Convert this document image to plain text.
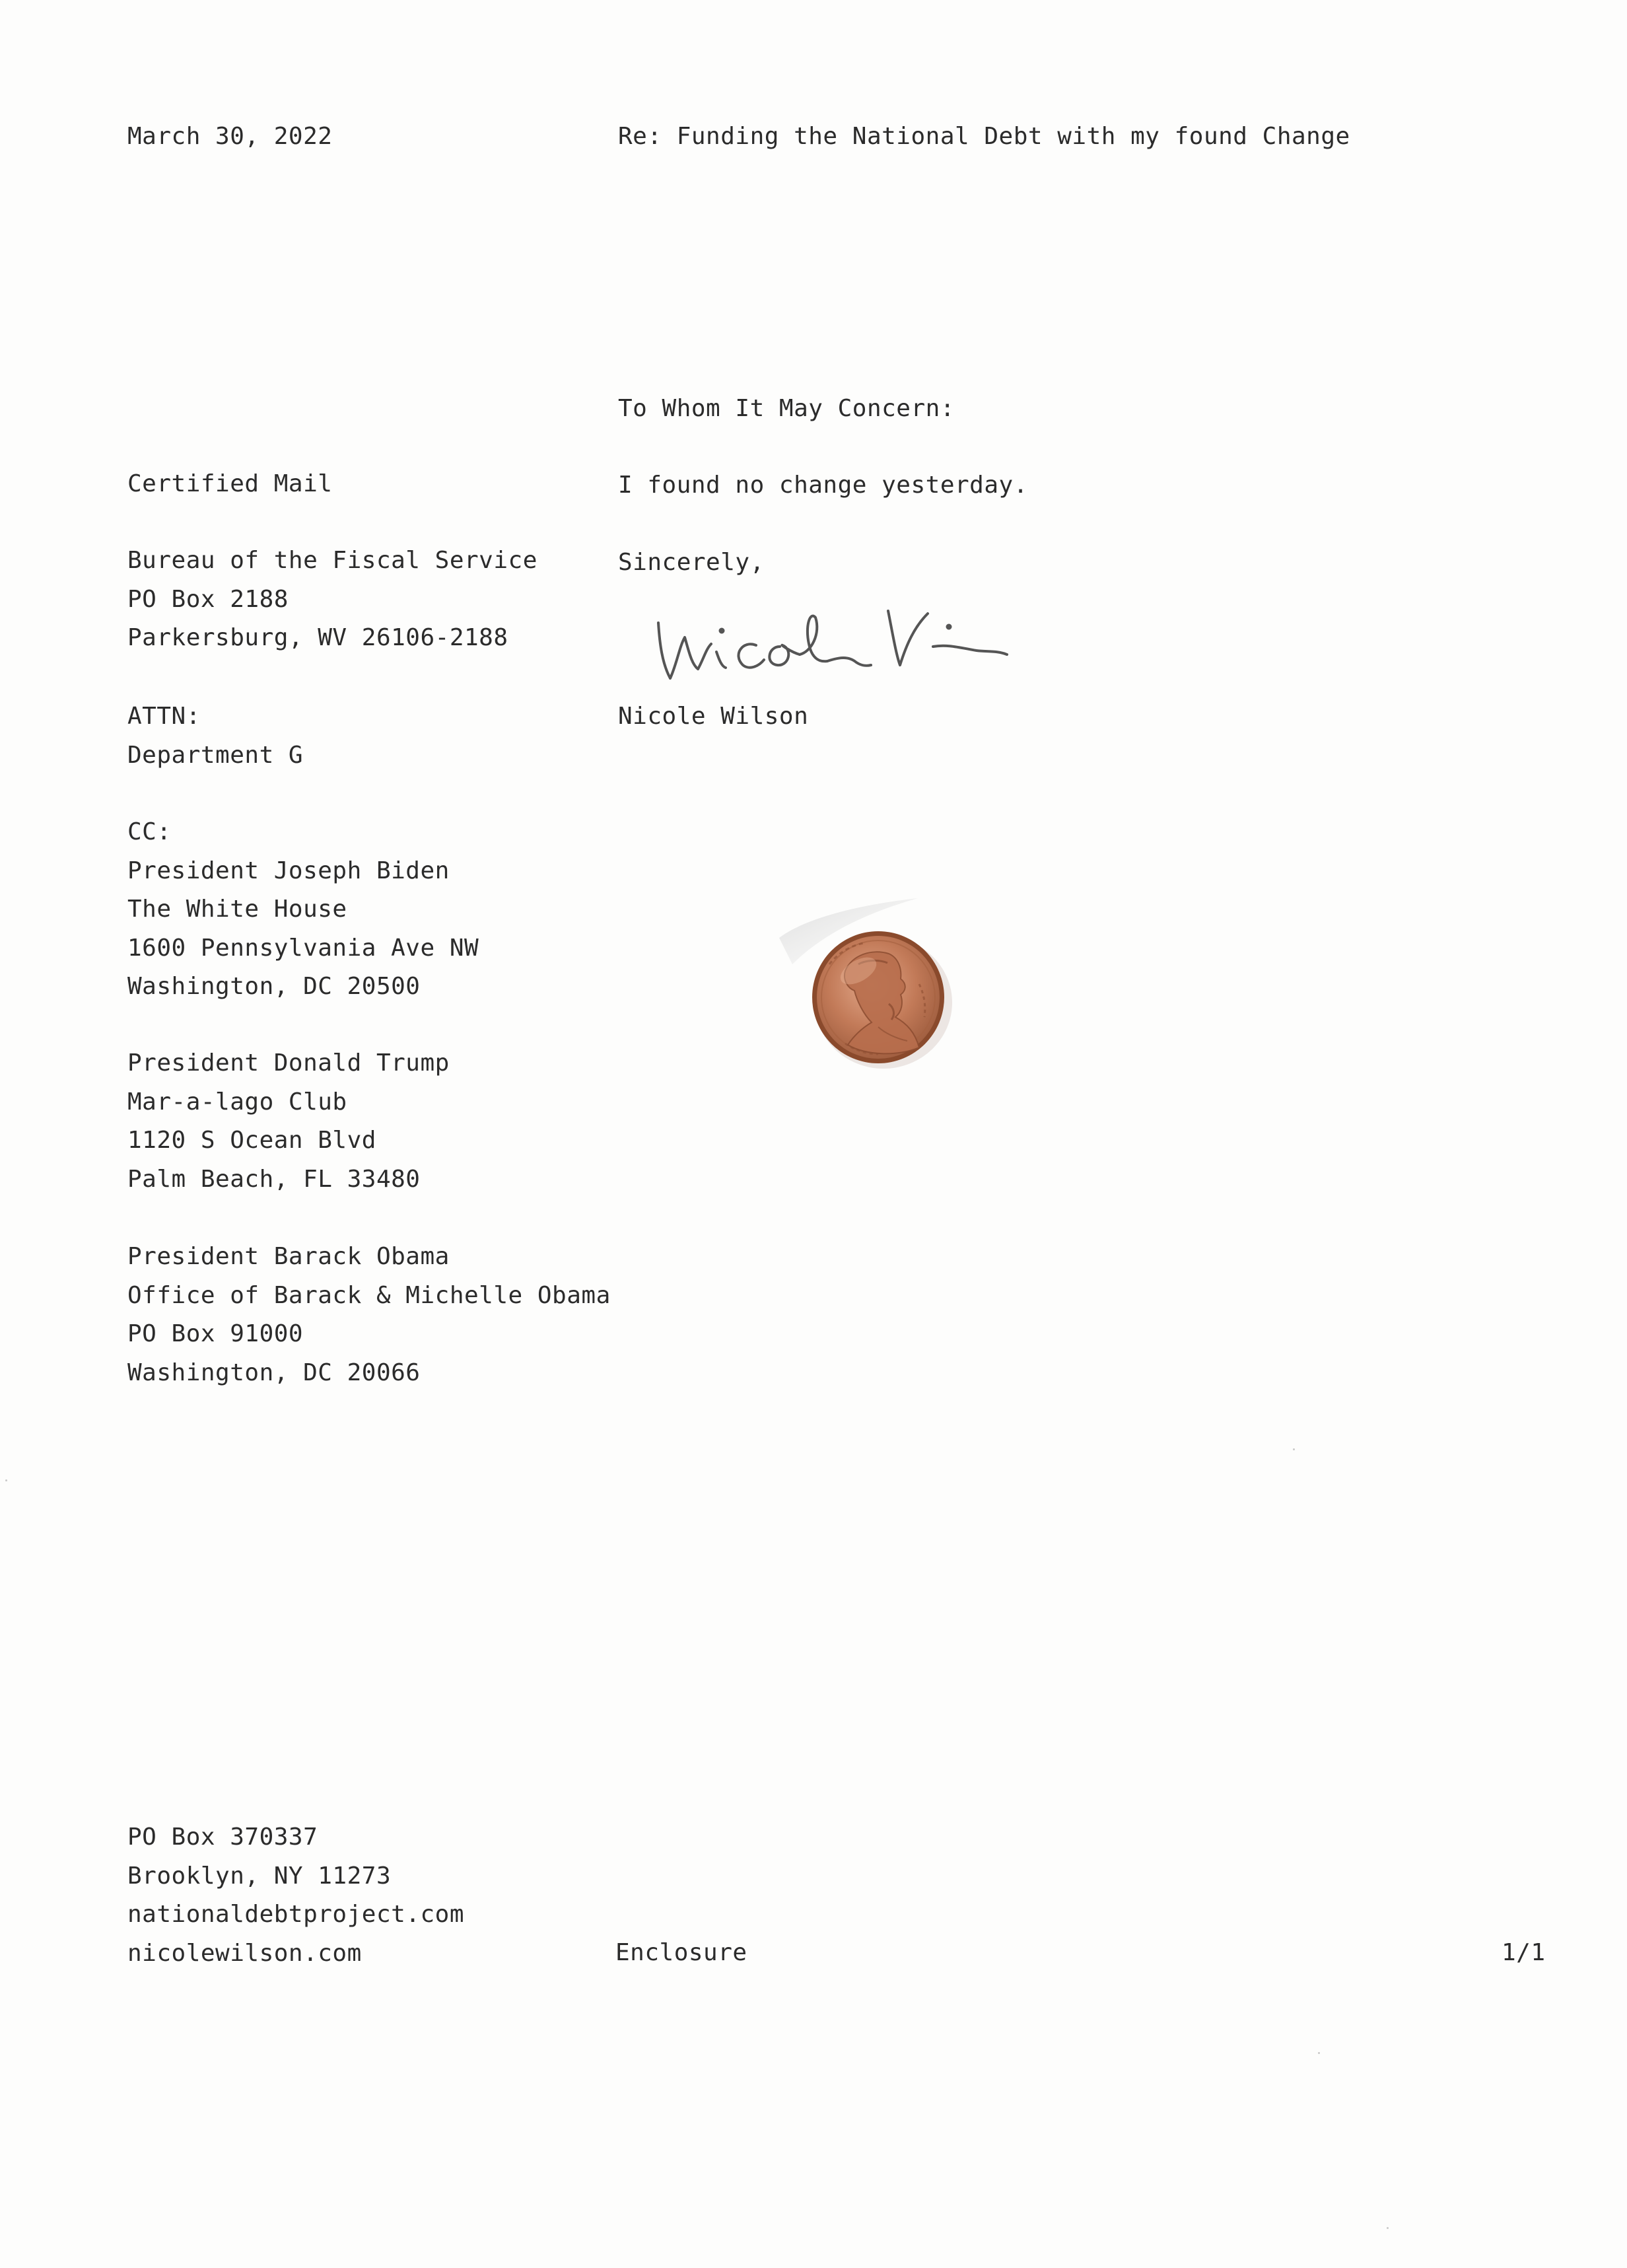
March 30, 2022	Re: Funding the National Debt with my found Change
To Whom It May Concern:
I found no change yesterday.
Sincerely,
Nicole Wilson
Certified Mail
Bureau of the Fiscal Service
PO Box 2188
Parkersburg, WV 26106-2188
ATTN:
Department G
CC:
President Joseph Biden
The White House
1600 Pennsylvania Ave NW
Washington, DC 20500
President Donald Trump
Mar-a-lago Club
1120 S Ocean Blvd
Palm Beach, FL 33480
President Barack Obama
Office of Barack & Michelle Obama
PO Box 91000
Washington, DC 20066
PO Box 370337
Brooklyn, NY 11273
nationaldebtproject.com
nicolewilson.com	Enclosure	1/1
